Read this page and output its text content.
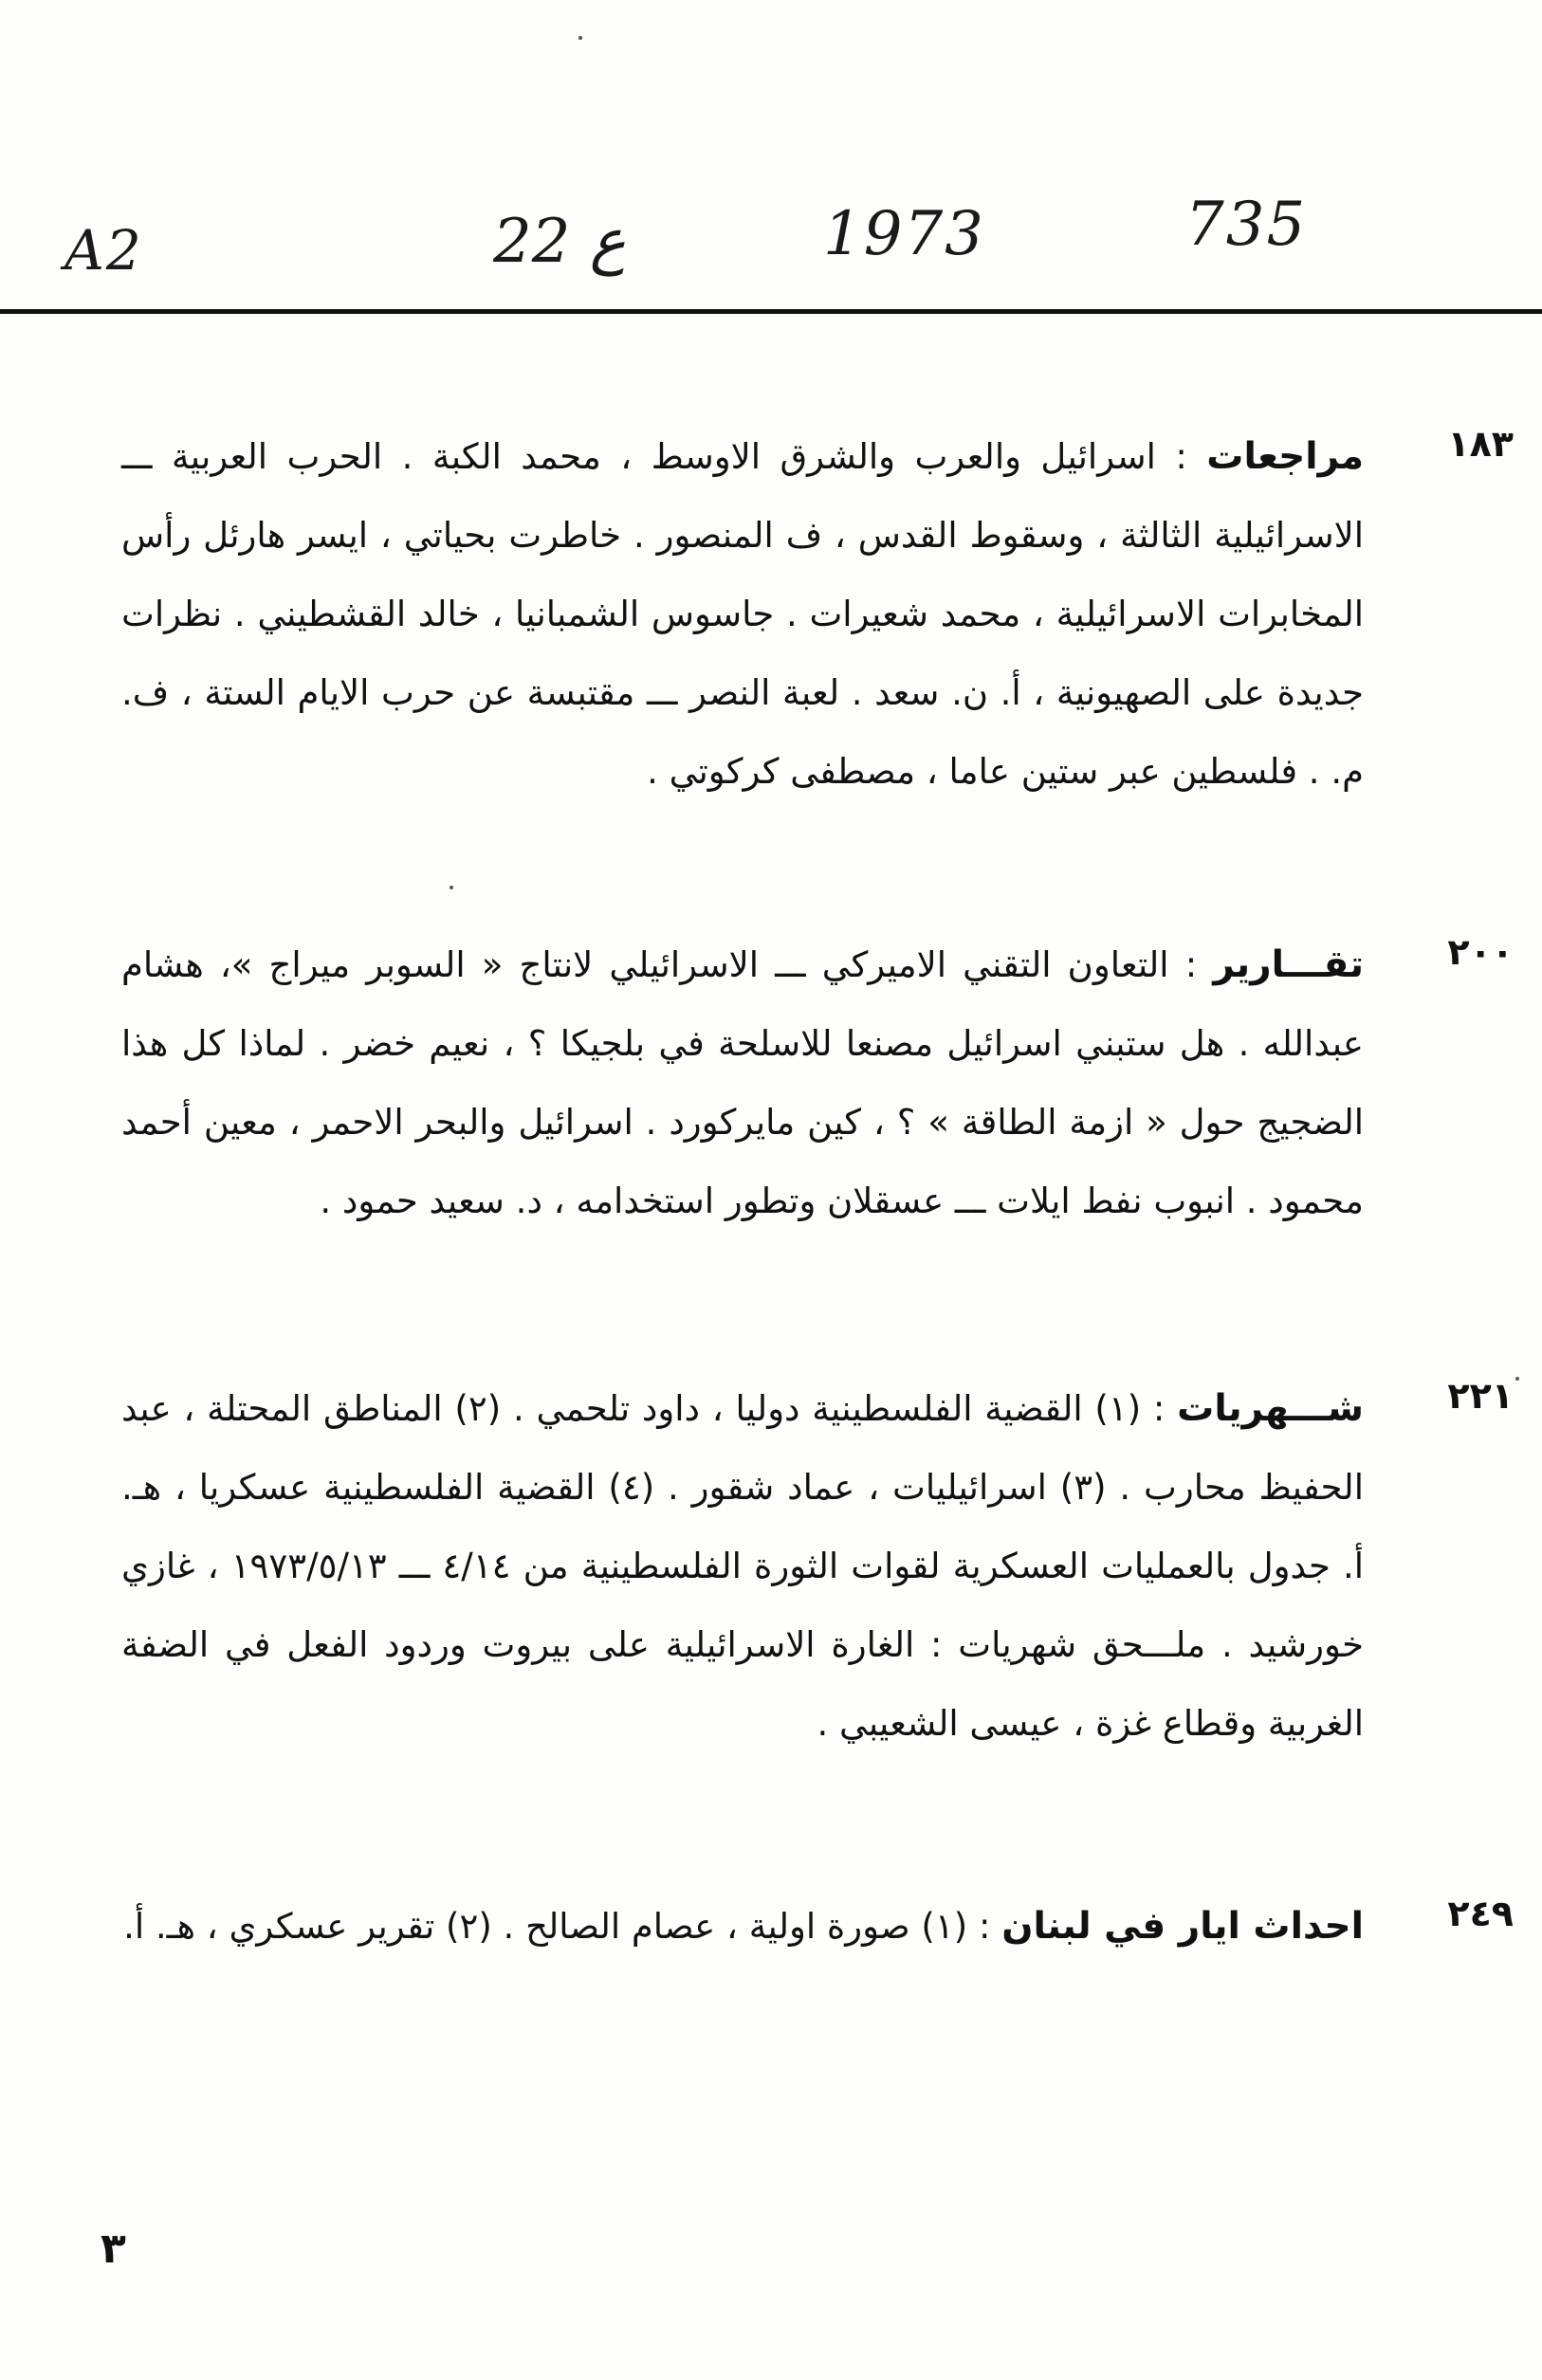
A2	22 ع	1973	735
١٨٣
مراجعات : اسرائيل والعرب والشرق الاوسط ، محمد الكبة . الحرب العربية ـــ الاسرائيلية الثالثة ، وسقوط القدس ، ف المنصور . خاطرت بحياتي ، ايسر هارئل رأس المخابرات الاسرائيلية ، محمد شعيرات . جاسوس الشمبانيا ، خالد القشطيني . نظرات جديدة على الصهيونية ، أ. ن. سعد . لعبة النصر ـــ مقتبسة عن حرب الايام الستة ، ف. م. . فلسطين عبر ستين عاما ، مصطفى كركوتي .
٢٠٠
تقـــارير : التعاون التقني الاميركي ـــ الاسرائيلي لانتاج « السوبر ميراج »، هشام عبدالله . هل ستبني اسرائيل مصنعا للاسلحة في بلجيكا ؟ ، نعيم خضر . لماذا كل هذا الضجيج حول « ازمة الطاقة » ؟ ، كين مايركورد . اسرائيل والبحر الاحمر ، معين أحمد محمود . انبوب نفط ايلات ـــ عسقلان وتطور استخدامه ، د. سعيد حمود .
٢٢١
شـــهريات : (١) القضية الفلسطينية دوليا ، داود تلحمي . (٢) المناطق المحتلة ، عبد الحفيظ محارب . (٣) اسرائيليات ، عماد شقور . (٤) القضية الفلسطينية عسكريا ، هـ. أ. جدول بالعمليات العسكرية لقوات الثورة الفلسطينية من ٤/١٤ ـــ ١٩٧٣/٥/١٣ ، غازي خورشيد . ملـــحق شهريات : الغارة الاسرائيلية على بيروت وردود الفعل في الضفة الغربية وقطاع غزة ، عيسى الشعيبي .
٢٤٩
احداث ايار في لبنان : (١) صورة اولية ، عصام الصالح . (٢) تقرير عسكري ، هـ. أ.
٣
